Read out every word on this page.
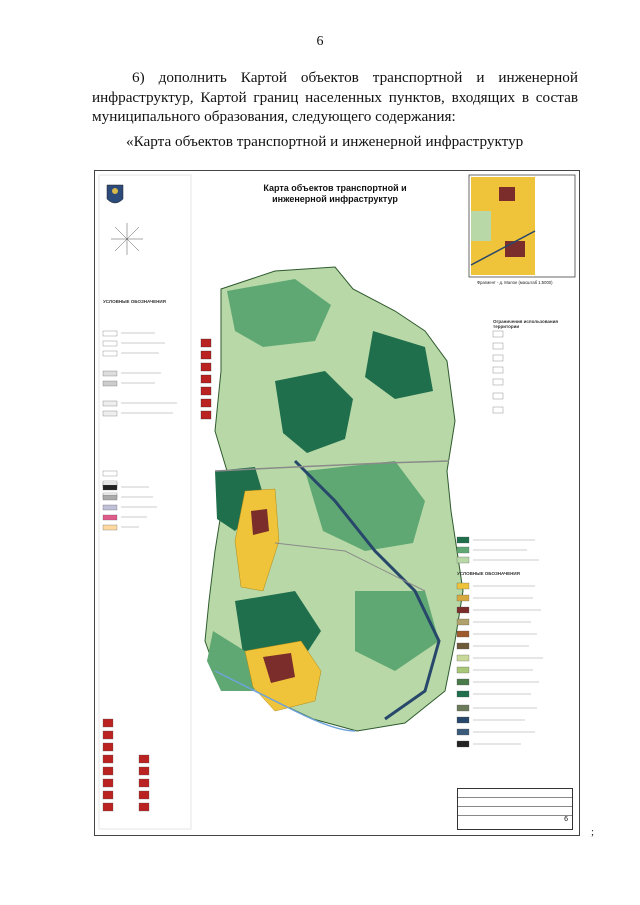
6
6) дополнить Картой объектов транспортной и инженерной инфраструктур, Картой границ населенных пунктов, входящих в состав муниципального образования, следующего содержания:
«Карта объектов транспортной и инженерной инфраструктур
Карта объектов транспортной и
инженерной инфраструктур
Фрагмент - д. Малое (масштаб 1:5000)
УСЛОВНЫЕ ОБОЗНАЧЕНИЯ
Ограничения использования территории
УСЛОВНЫЕ ОБОЗНАЧЕНИЯ
6
;
